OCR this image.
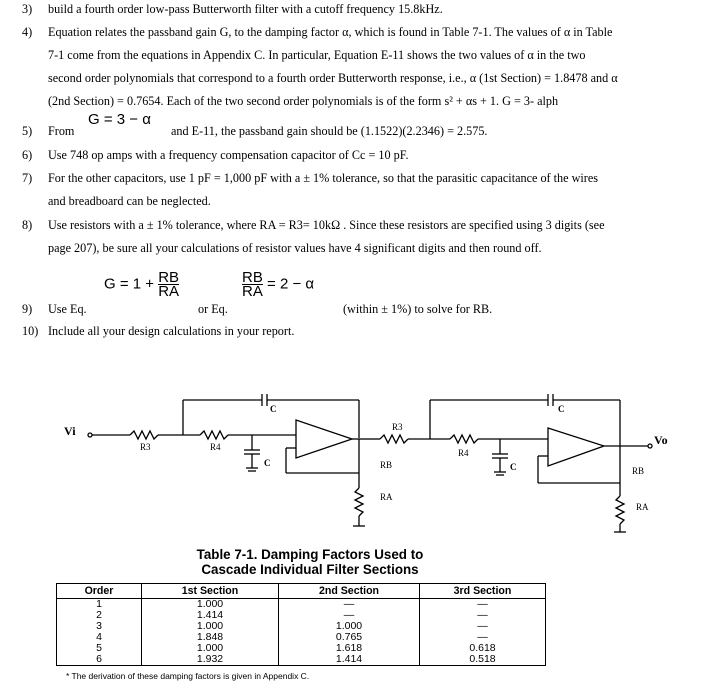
3) build a fourth order low-pass Butterworth filter with a cutoff frequency 15.8kHz.
4) Equation relates the passband gain G, to the damping factor α, which is found in Table 7-1. The values of α in Table
7-1 come from the equations in Appendix C. In particular, Equation E-11 shows the two values of α in the two
second order polynomials that correspond to a fourth order Butterworth response, i.e., α (1st Section) = 1.8478 and α
(2nd Section) = 0.7654. Each of the two second order polynomials is of the form s² + αs + 1. G = 3- alph
5) From
G = 3 − α
and E-11, the passband gain should be (1.1522)(2.2346) = 2.575.
6) Use 748 op amps with a frequency compensation capacitor of Cc = 10 pF.
7) For the other capacitors, use 1 pF = 1,000 pF with a ± 1% tolerance, so that the parasitic capacitance of the wires
and breadboard can be neglected.
8) Use resistors with a ± 1% tolerance, where RA = R3= 10kΩ . Since these resistors are specified using 3 digits (see
page 207), be sure all your calculations of resistor values have 4 significant digits and then round off.
$G = 1 + \frac{RB}{RA}$	$\frac{RB}{RA} = 2 - \alpha$
9) Use Eq.	or Eq.	(within ± 1%) to solve for RB.
10) Include all your design calculations in your report.
Vi
Vo
R3	R4
C
C
R3
R4
RB
RA
C
C	RB
RA
Table 7-1. Damping Factors Used to
Cascade Individual Filter Sections
Order	1st Section	2nd Section	3rd Section
1	1.000	—	—
2	1.414	—	—
3	1.000	1.000	—
4	1.848	0.765	—
5	1.000	1.618	0.618
6	1.932	1.414	0.518
* The derivation of these damping factors is given in Appendix C.
